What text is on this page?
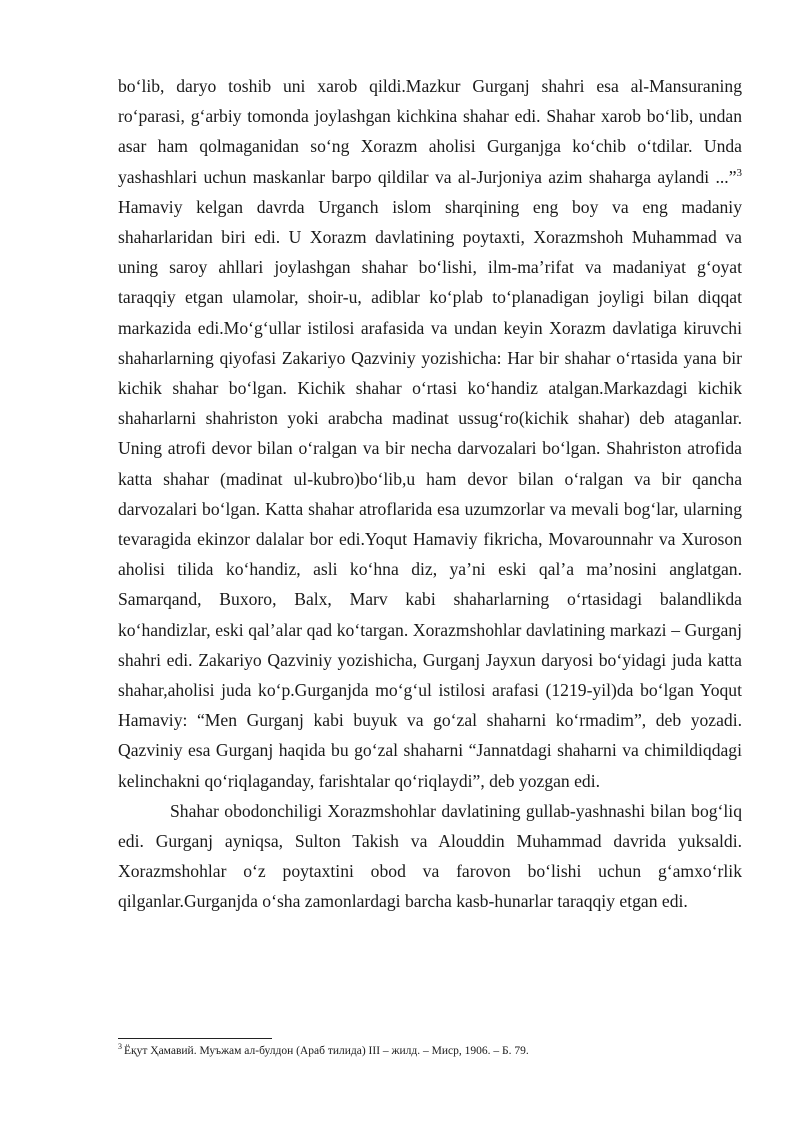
bo‘lib, daryo toshib uni xarob qildi.Mazkur Gurganj shahri esa al-Mansuraning ro‘parasi, g‘arbiy tomonda joylashgan kichkina shahar edi. Shahar xarob bo‘lib, undan asar ham qolmaganidan so‘ng Xorazm aholisi Gurganjga ko‘chib o‘tdilar. Unda yashashlari uchun maskanlar barpo qildilar va al-Jurjoniya azim shaharga aylandi ...”$^3$ Hamaviy kelgan davrda Urganch islom sharqining eng boy va eng madaniy shaharlaridan biri edi. U Xorazm davlatining poytaxti, Xorazmshoh Muhammad va uning saroy ahllari joylashgan shahar bo‘lishi, ilm-ma’rifat va madaniyat g‘oyat taraqqiy etgan ulamolar, shoir-u, adiblar ko‘plab to‘planadigan joyligi bilan diqqat markazida edi.Mo‘g‘ullar istilosi arafasida va undan keyin Xorazm davlatiga kiruvchi shaharlarning qiyofasi Zakariyo Qazviniy yozishicha: Har bir shahar o‘rtasida yana bir kichik shahar bo‘lgan. Kichik shahar o‘rtasi ko‘handiz atalgan.Markazdagi kichik shaharlarni shahriston yoki arabcha madinat ussug‘ro(kichik shahar) deb ataganlar. Uning atrofi devor bilan o‘ralgan va bir necha darvozalari bo‘lgan. Shahriston atrofida katta shahar (madinat ul-kubro)bo‘lib,u ham devor bilan o‘ralgan va bir qancha darvozalari bo‘lgan. Katta shahar atroflarida esa uzumzorlar va mevali bog‘lar, ularning tevaragida ekinzor dalalar bor edi.Yoqut Hamaviy fikricha, Movarounnahr va Xuroson aholisi tilida ko‘handiz, asli ko‘hna diz, ya’ni eski qal’a ma’nosini anglatgan. Samarqand, Buxoro, Balx, Marv kabi shaharlarning o‘rtasidagi balandlikda ko‘handizlar, eski qal’alar qad ko‘targan. Xorazmshohlar davlatining markazi – Gurganj shahri edi. Zakariyo Qazviniy yozishicha, Gurganj Jayxun daryosi bo‘yidagi juda katta shahar,aholisi juda ko‘p.Gurganjda mo‘g‘ul istilosi arafasi (1219-yil)da bo‘lgan Yoqut Hamaviy: “Men Gurganj kabi buyuk va go‘zal shaharni ko‘rmadim”, deb yozadi. Qazviniy esa Gurganj haqida bu go‘zal shaharni “Jannatdagi shaharni va chimildiqdagi kelinchakni qo‘riqlaganday, farishtalar qo‘riqlaydi”, deb yozgan edi.

Shahar obodonchiligi Xorazmshohlar davlatining gullab-yashnashi bilan bog‘liq edi. Gurganj ayniqsa, Sulton Takish va Alouddin Muhammad davrida yuksaldi. Xorazmshohlar o‘z poytaxtini obod va farovon bo‘lishi uchun g‘amxo‘rlik qilganlar.Gurganjda o‘sha zamonlardagi barcha kasb-hunarlar taraqqiy etgan edi.

$^3$ Ёқут Ҳамавий. Муъжам ал-булдон (Араб тилида) III – жилд. – Миср, 1906. – Б. 79.
